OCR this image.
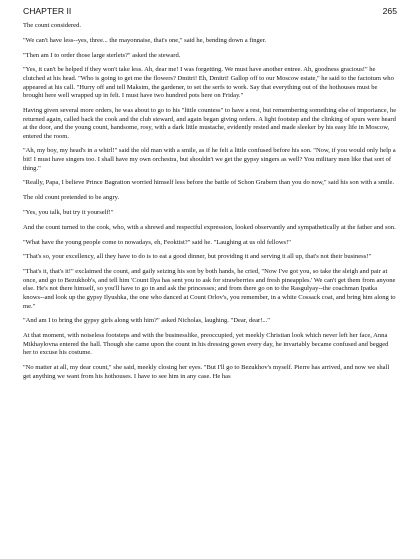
CHAPTER II	265

The count considered.

"We can't have less--yes, three... the mayonnaise, that's one," said he, bending down a finger.

"Then am I to order those large sterlets?" asked the steward.

"Yes, it can't be helped if they won't take less. Ah, dear me! I was forgetting. We must have another entree. Ah, goodness gracious!" he clutched at his head. "Who is going to get me the flowers? Dmitri! Eh, Dmitri! Gallop off to our Moscow estate," he said to the factotum who appeared at his call. "Hurry off and tell Maksim, the gardener, to set the serfs to work. Say that everything out of the hothouses must be brought here well wrapped up in felt. I must have two hundred pots here on Friday."

Having given several more orders, he was about to go to his "little countess" to have a rest, but remembering something else of importance, he returned again, called back the cook and the club steward, and again began giving orders. A light footstep and the clinking of spurs were heard at the door, and the young count, handsome, rosy, with a dark little mustache, evidently rested and made sleeker by his easy life in Moscow, entered the room.

"Ah, my boy, my head's in a whirl!" said the old man with a smile, as if he felt a little confused before his son. "Now, if you would only help a bit! I must have singers too. I shall have my own orchestra, but shouldn't we get the gypsy singers as well? You military men like that sort of thing."

"Really, Papa, I believe Prince Bagration worried himself less before the battle of Schon Grabern than you do now," said his son with a smile.

The old count pretended to be angry.

"Yes, you talk, but try it yourself!"

And the count turned to the cook, who, with a shrewd and respectful expression, looked observantly and sympathetically at the father and son.

"What have the young people come to nowadays, eh, Feoktist?" said he. "Laughing at us old fellows!"

"That's so, your excellency, all they have to do is to eat a good dinner, but providing it and serving it all up, that's not their business!"

"That's it, that's it!" exclaimed the count, and gaily seizing his son by both hands, he cried, "Now I've got you, so take the sleigh and pair at once, and go to Bezukhob's, and tell him 'Count Ilya has sent you to ask for strawberries and fresh pineapples.' We can't get them from anyone else. He's not there himself, so you'll have to go in and ask the princesses; and from there go on to the Rasgulyay--the coachman Ipatka knows--and look up the gypsy Ilyushka, the one who danced at Count Orlov's, you remember, in a white Cossack coat, and bring him along to me."

"And am I to bring the gypsy girls along with him?" asked Nicholas, laughing. "Dear, dear!..."

At that moment, with noiseless footsteps and with the businesslike, preoccupied, yet meekly Christian look which never left her face, Anna Mikhaylovna entered the hall. Though she came upon the count in his dressing gown every day, he invariably became confused and begged her to excuse his costume.

"No matter at all, my dear count," she said, meekly closing her eyes. "But I'll go to Bezukhov's myself. Pierre has arrived, and now we shall get anything we want from his hothouses. I have to see him in any case. He has
